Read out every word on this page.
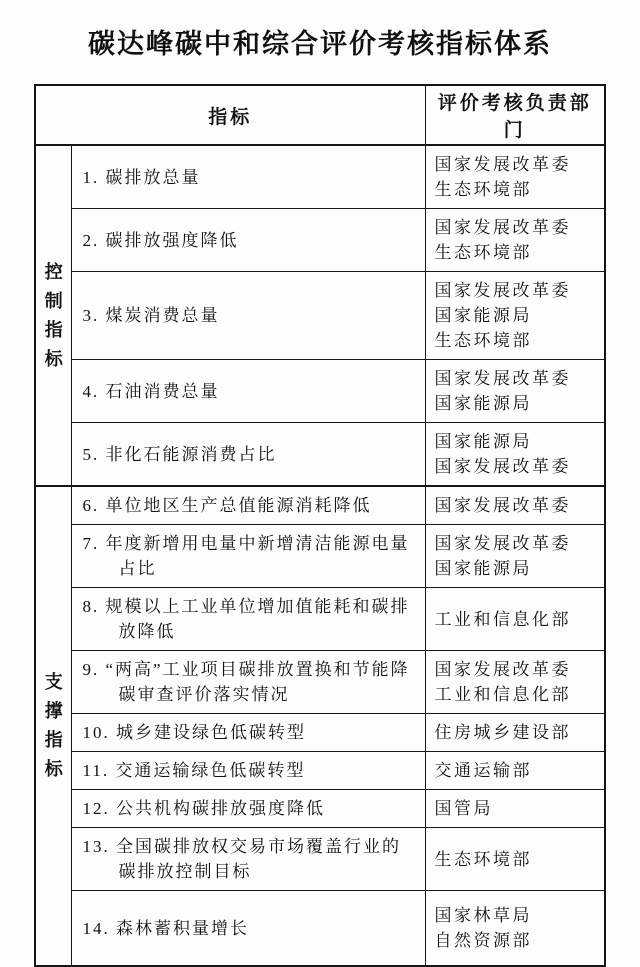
碳达峰碳中和综合评价考核指标体系
指标		评价考核负责部门

控制指标	1. 碳排放总量	国家发展改革委
生态环境部

	2. 碳排放强度降低	国家发展改革委
生态环境部

	3. 煤炭消费总量	国家发展改革委
国家能源局
生态环境部

	4. 石油消费总量	国家发展改革委
国家能源局

	5. 非化石能源消费占比	国家能源局
国家发展改革委

支撑指标	6. 单位地区生产总值能源消耗降低	国家发展改革委

	7. 年度新增用电量中新增清洁能源电量占比	国家发展改革委
国家能源局

	8. 规模以上工业单位增加值能耗和碳排放降低	工业和信息化部

	9. “两高”工业项目碳排放置换和节能降碳审查评价落实情况	国家发展改革委
工业和信息化部

	10. 城乡建设绿色低碳转型	住房城乡建设部

	11. 交通运输绿色低碳转型	交通运输部

	12. 公共机构碳排放强度降低	国管局

	13. 全国碳排放权交易市场覆盖行业的碳排放控制目标	生态环境部

	14. 森林蓄积量增长	国家林草局
自然资源部
